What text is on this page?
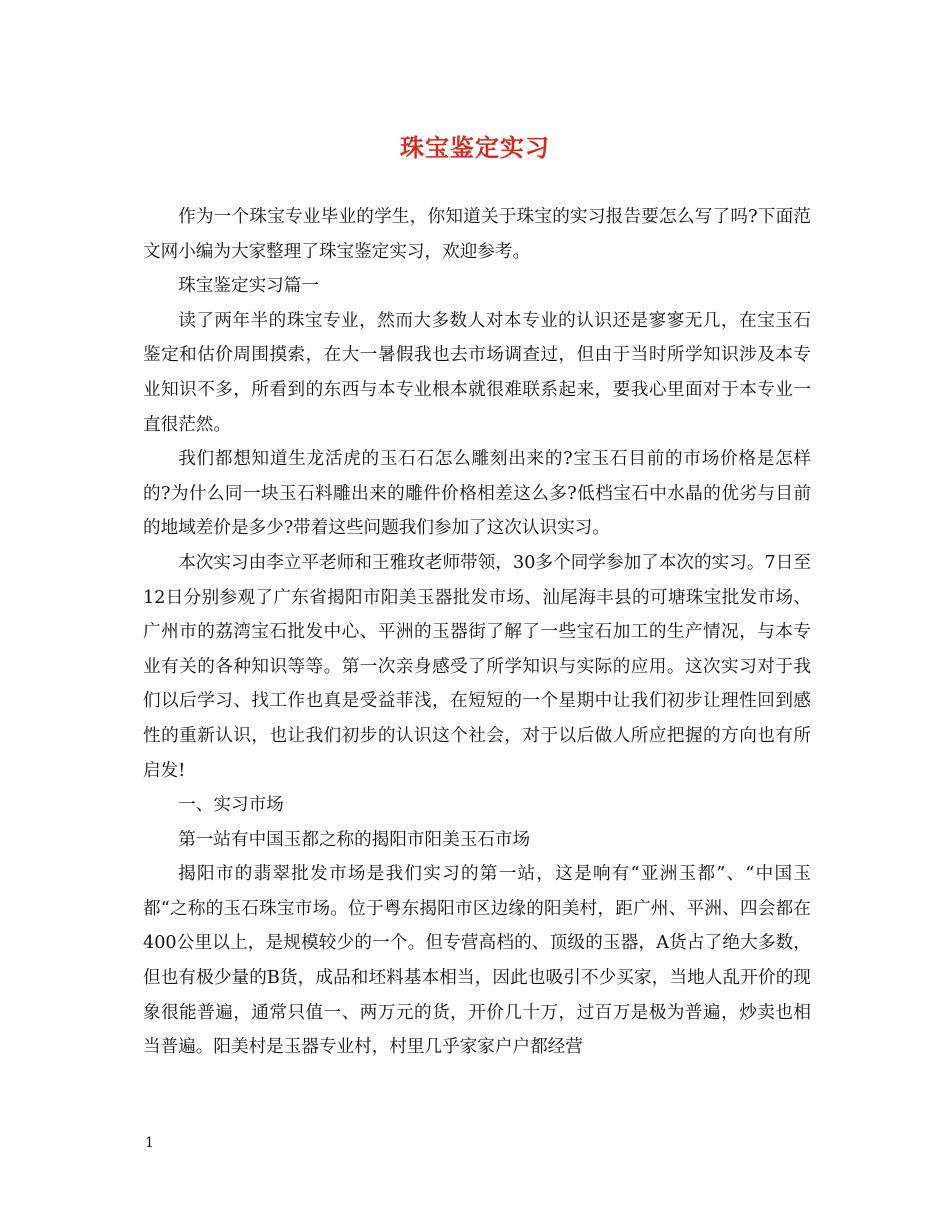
珠宝鉴定实习

作为一个珠宝专业毕业的学生，你知道关于珠宝的实习报告要怎么写了吗?下面范文网小编为大家整理了珠宝鉴定实习，欢迎参考。

珠宝鉴定实习篇一

读了两年半的珠宝专业，然而大多数人对本专业的认识还是寥寥无几，在宝玉石鉴定和估价周围摸索，在大一暑假我也去市场调查过，但由于当时所学知识涉及本专业知识不多，所看到的东西与本专业根本就很难联系起来，要我心里面对于本专业一直很茫然。

我们都想知道生龙活虎的玉石石怎么雕刻出来的?宝玉石目前的市场价格是怎样的?为什么同一块玉石料雕出来的雕件价格相差这么多?低档宝石中水晶的优劣与目前的地域差价是多少?带着这些问题我们参加了这次认识实习。

本次实习由李立平老师和王雅玫老师带领，30多个同学参加了本次的实习。7日至12日分别参观了广东省揭阳市阳美玉器批发市场、汕尾海丰县的可塘珠宝批发市场、广州市的荔湾宝石批发中心、平洲的玉器街了解了一些宝石加工的生产情况，与本专业有关的各种知识等等。第一次亲身感受了所学知识与实际的应用。这次实习对于我们以后学习、找工作也真是受益菲浅，在短短的一个星期中让我们初步让理性回到感性的重新认识，也让我们初步的认识这个社会，对于以后做人所应把握的方向也有所启发!

一、实习市场

第一站有中国玉都之称的揭阳市阳美玉石市场

揭阳市的翡翠批发市场是我们实习的第一站，这是响有“亚洲玉都”、“中国玉都“之称的玉石珠宝市场。位于粤东揭阳市区边缘的阳美村，距广州、平洲、四会都在400公里以上，是规模较少的一个。但专营高档的、顶级的玉器，A货占了绝大多数，但也有极少量的B货，成品和坯料基本相当，因此也吸引不少买家，当地人乱开价的现象很能普遍，通常只值一、两万元的货，开价几十万，过百万是极为普遍，炒卖也相当普遍。阳美村是玉器专业村，村里几乎家家户户都经营

1
